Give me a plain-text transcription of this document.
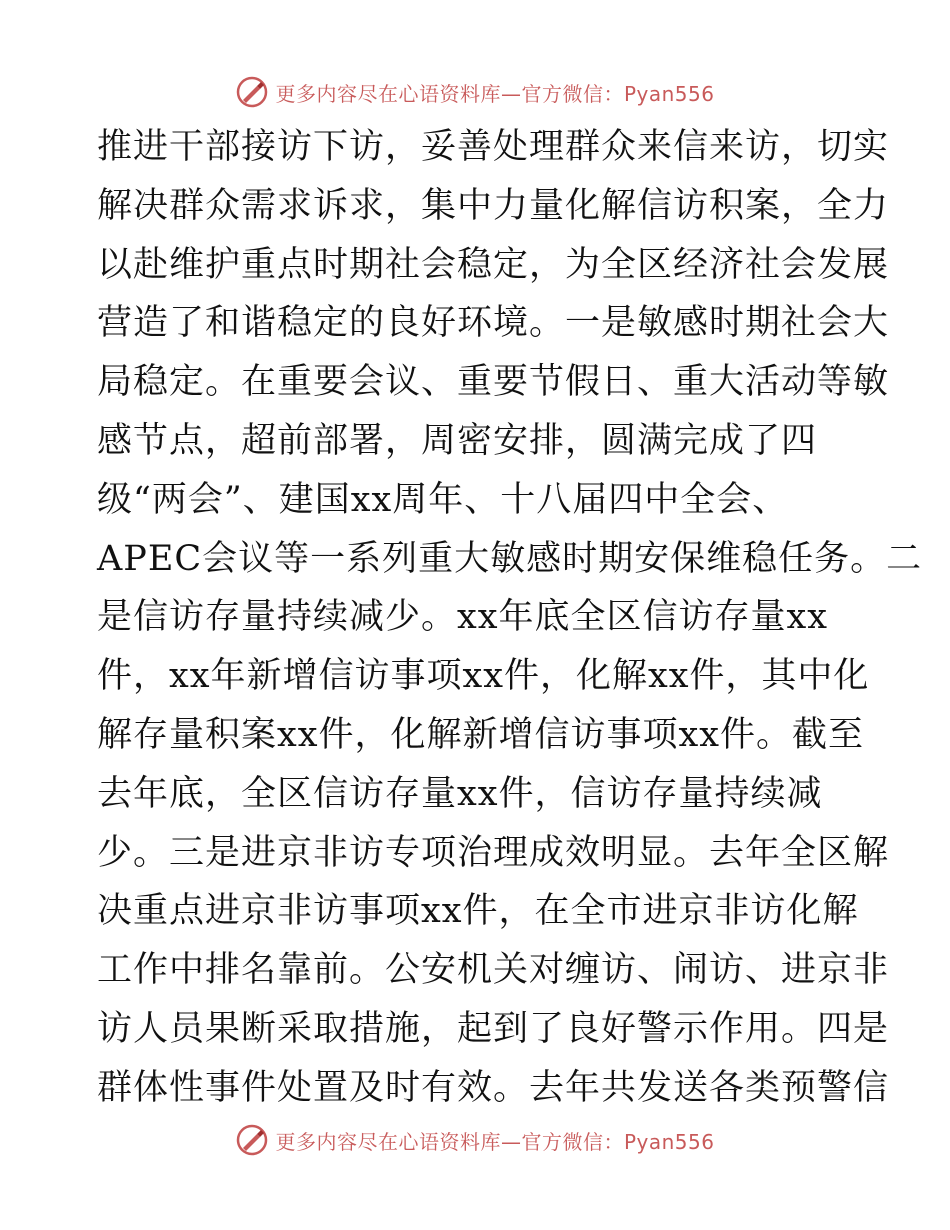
更多内容尽在心语资料库—官方微信：Pyan556
推进干部接访下访，妥善处理群众来信来访，切实
解决群众需求诉求，集中力量化解信访积案，全力
以赴维护重点时期社会稳定，为全区经济社会发展
营造了和谐稳定的良好环境。一是敏感时期社会大
局稳定。在重要会议、重要节假日、重大活动等敏
感节点，超前部署，周密安排，圆满完成了四
级“两会”、建国xx周年、十八届四中全会、
APEC会议等一系列重大敏感时期安保维稳任务。二
是信访存量持续减少。xx年底全区信访存量xx
件，xx年新增信访事项xx件，化解xx件，其中化
解存量积案xx件，化解新增信访事项xx件。截至
去年底，全区信访存量xx件，信访存量持续减
少。三是进京非访专项治理成效明显。去年全区解
决重点进京非访事项xx件，在全市进京非访化解
工作中排名靠前。公安机关对缠访、闹访、进京非
访人员果断采取措施，起到了良好警示作用。四是
群体性事件处置及时有效。去年共发送各类预警信
更多内容尽在心语资料库—官方微信：Pyan556
